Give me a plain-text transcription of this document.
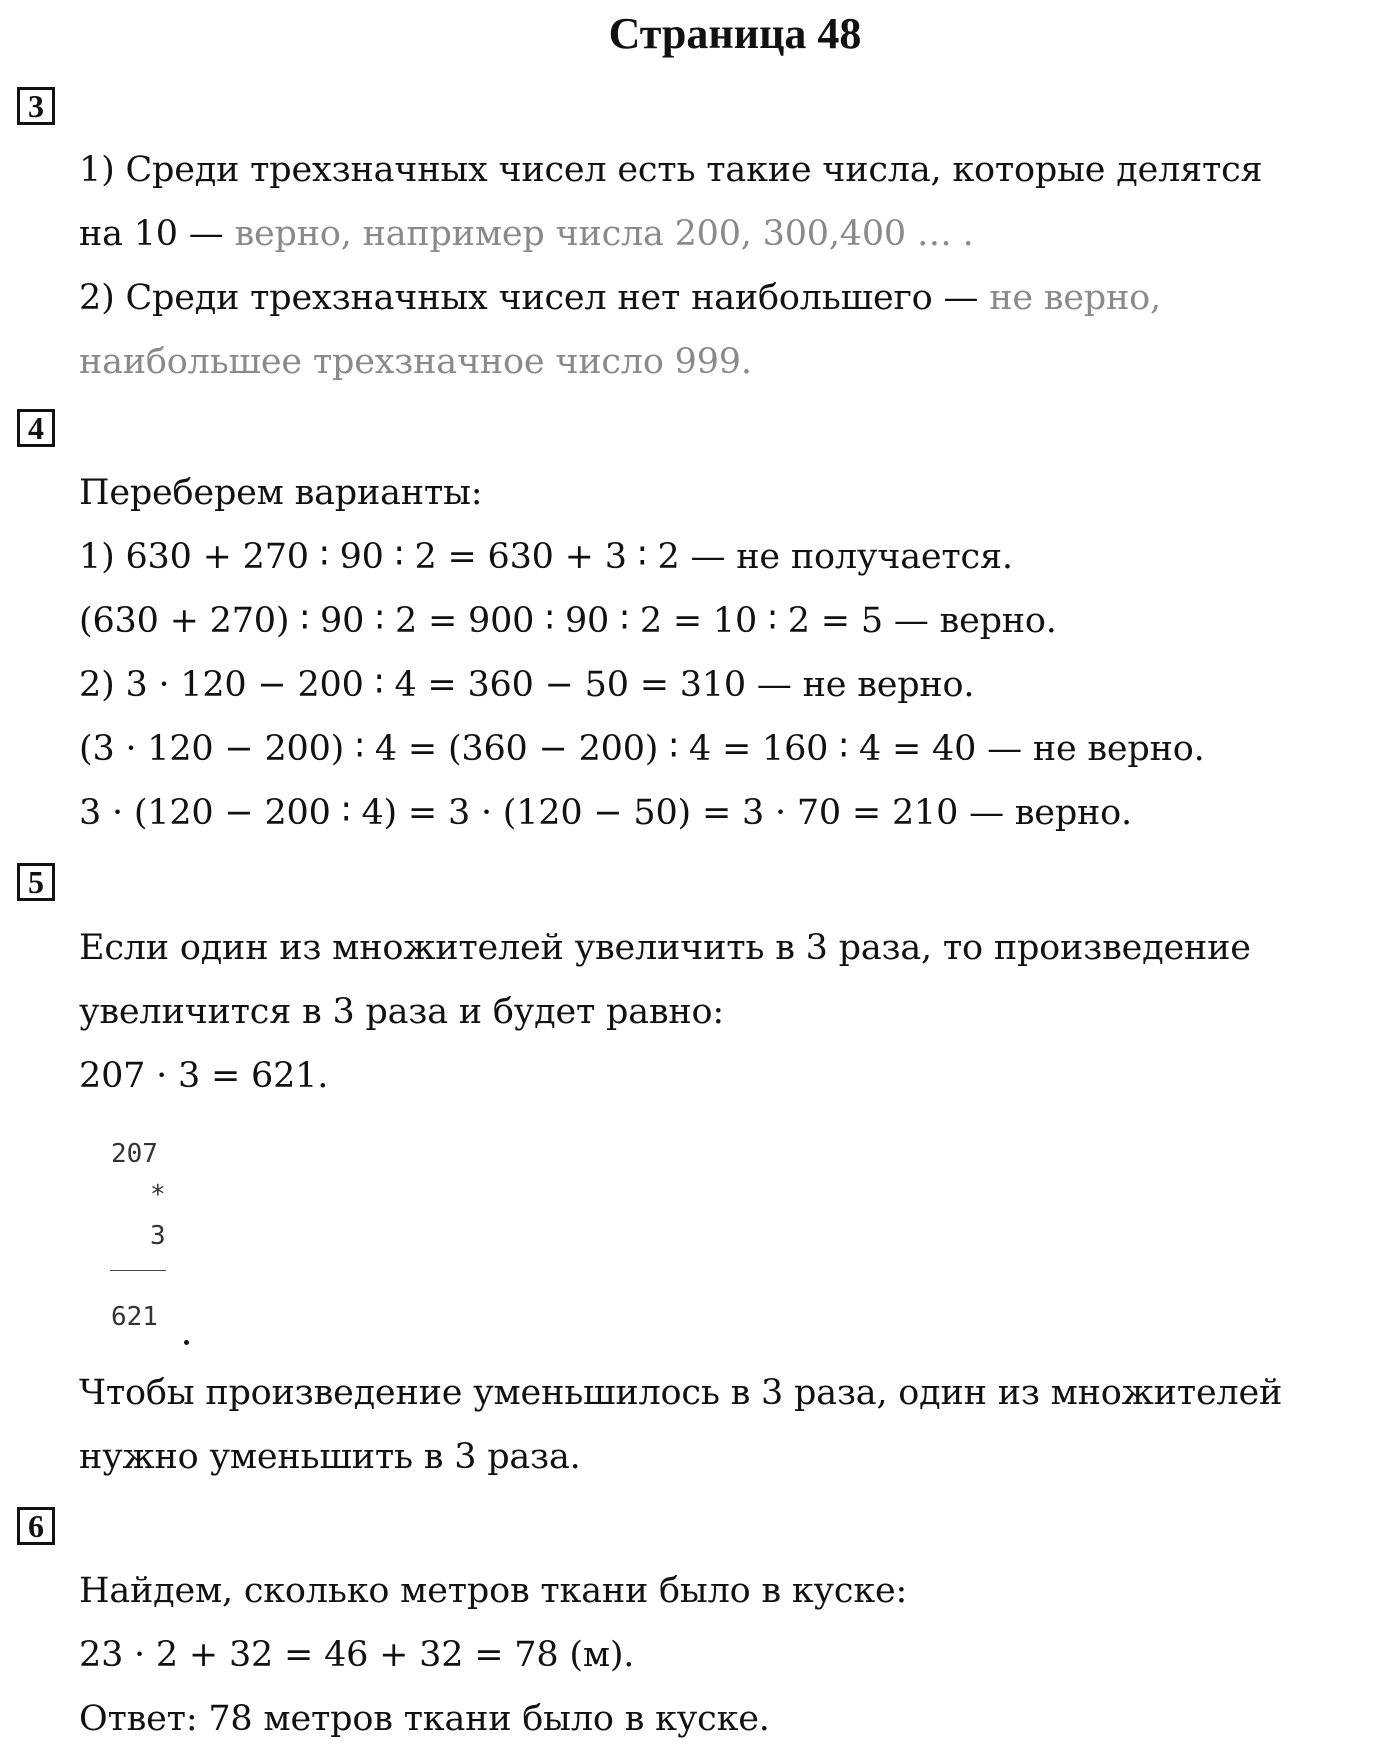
Страница 48
3
1) Среди трехзначных чисел есть такие числа, которые делятся
на 10 — верно, например числа 200, 300,400 … .
2) Среди трехзначных чисел нет наибольшего — не верно,
наибольшее трехзначное число 999.
4
Переберем варианты:
1) 630 + 270 ∶ 90 ∶ 2 = 630 + 3 ∶ 2 — не получается.
(630 + 270) ∶ 90 ∶ 2 = 900 ∶ 90 ∶ 2 = 10 ∶ 2 = 5 — верно.
2) 3 · 120 − 200 ∶ 4 = 360 − 50 = 310 — не верно.
(3 · 120 − 200) ∶ 4 = (360 − 200) ∶ 4 = 160 ∶ 4 = 40 — не верно.
3 · (120 − 200 ∶ 4) = 3 · (120 − 50) = 3 · 70 = 210 — верно.
5
Если один из множителей увеличить в 3 раза, то произведение
увеличится в 3 раза и будет равно:
207 · 3 = 621.
207
*
3
621
Чтобы произведение уменьшилось в 3 раза, один из множителей
нужно уменьшить в 3 раза.
6
Найдем, сколько метров ткани было в куске:
23 · 2 + 32 = 46 + 32 = 78 (м).
Ответ: 78 метров ткани было в куске.
